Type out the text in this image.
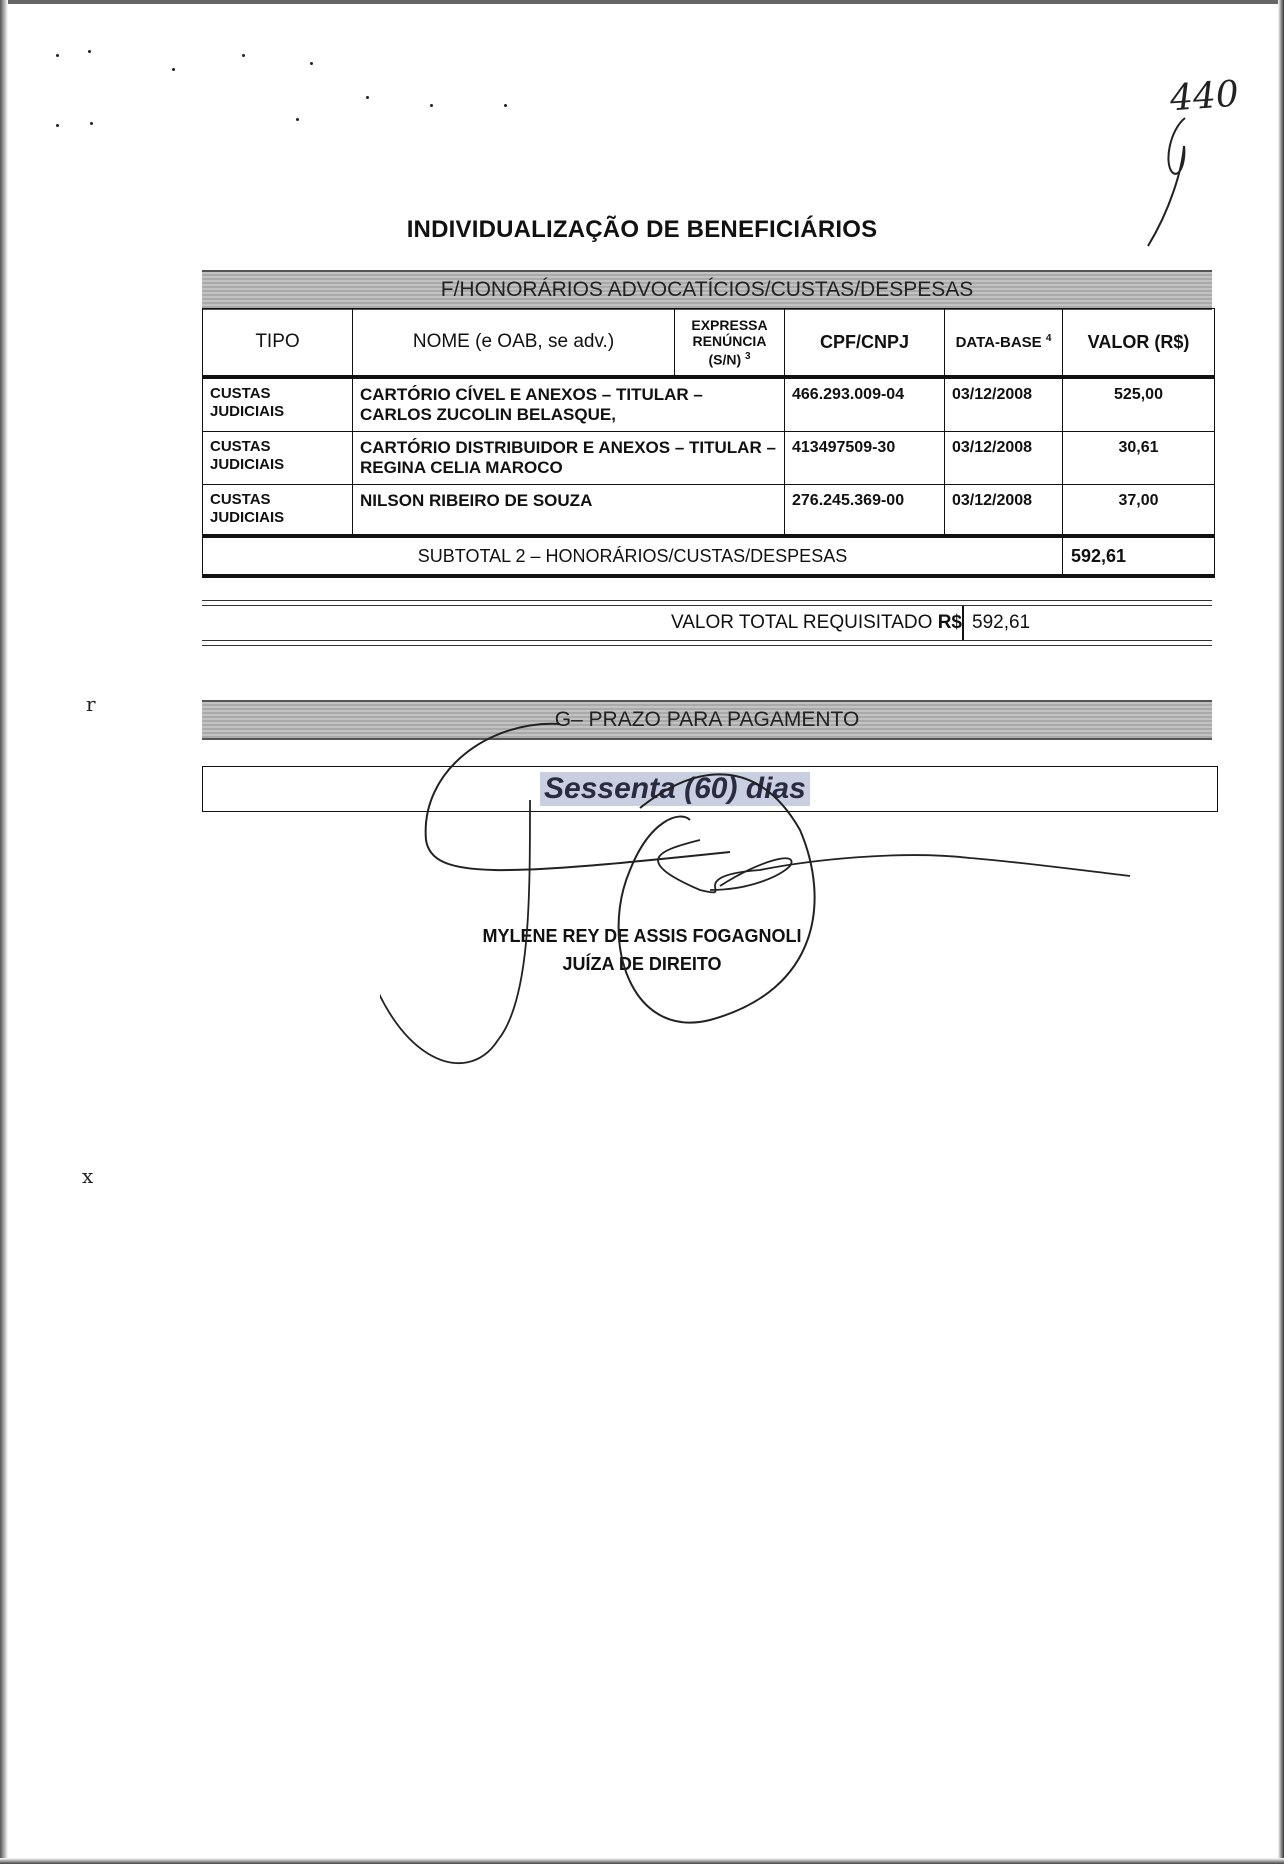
440
INDIVIDUALIZAÇÃO DE BENEFICIÁRIOS
F/HONORÁRIOS ADVOCATÍCIOS/CUSTAS/DESPESAS
TIPO	NOME (e OAB, se adv.)	EXPRESSA RENÚNCIA (S/N) $^3$	CPF/CNPJ	DATA-BASE $^4$	VALOR (R$)
CUSTAS JUDICIAIS	CARTÓRIO CÍVEL E ANEXOS – TITULAR – CARLOS ZUCOLIN BELASQUE,		466.293.009-04	03/12/2008	525,00
CUSTAS JUDICIAIS	CARTÓRIO DISTRIBUIDOR E ANEXOS – TITULAR – REGINA CELIA MAROCO		413497509-30	03/12/2008	30,61
CUSTAS JUDICIAIS	NILSON RIBEIRO DE SOUZA		276.245.369-00	03/12/2008	37,00
SUBTOTAL 2 – HONORÁRIOS/CUSTAS/DESPESAS	592,61
VALOR TOTAL REQUISITADO R$ 592,61
G– PRAZO PARA PAGAMENTO
Sessenta (60) dias
MYLENE REY DE ASSIS FOGAGNOLI
JUÍZA DE DIREITO
r
x
